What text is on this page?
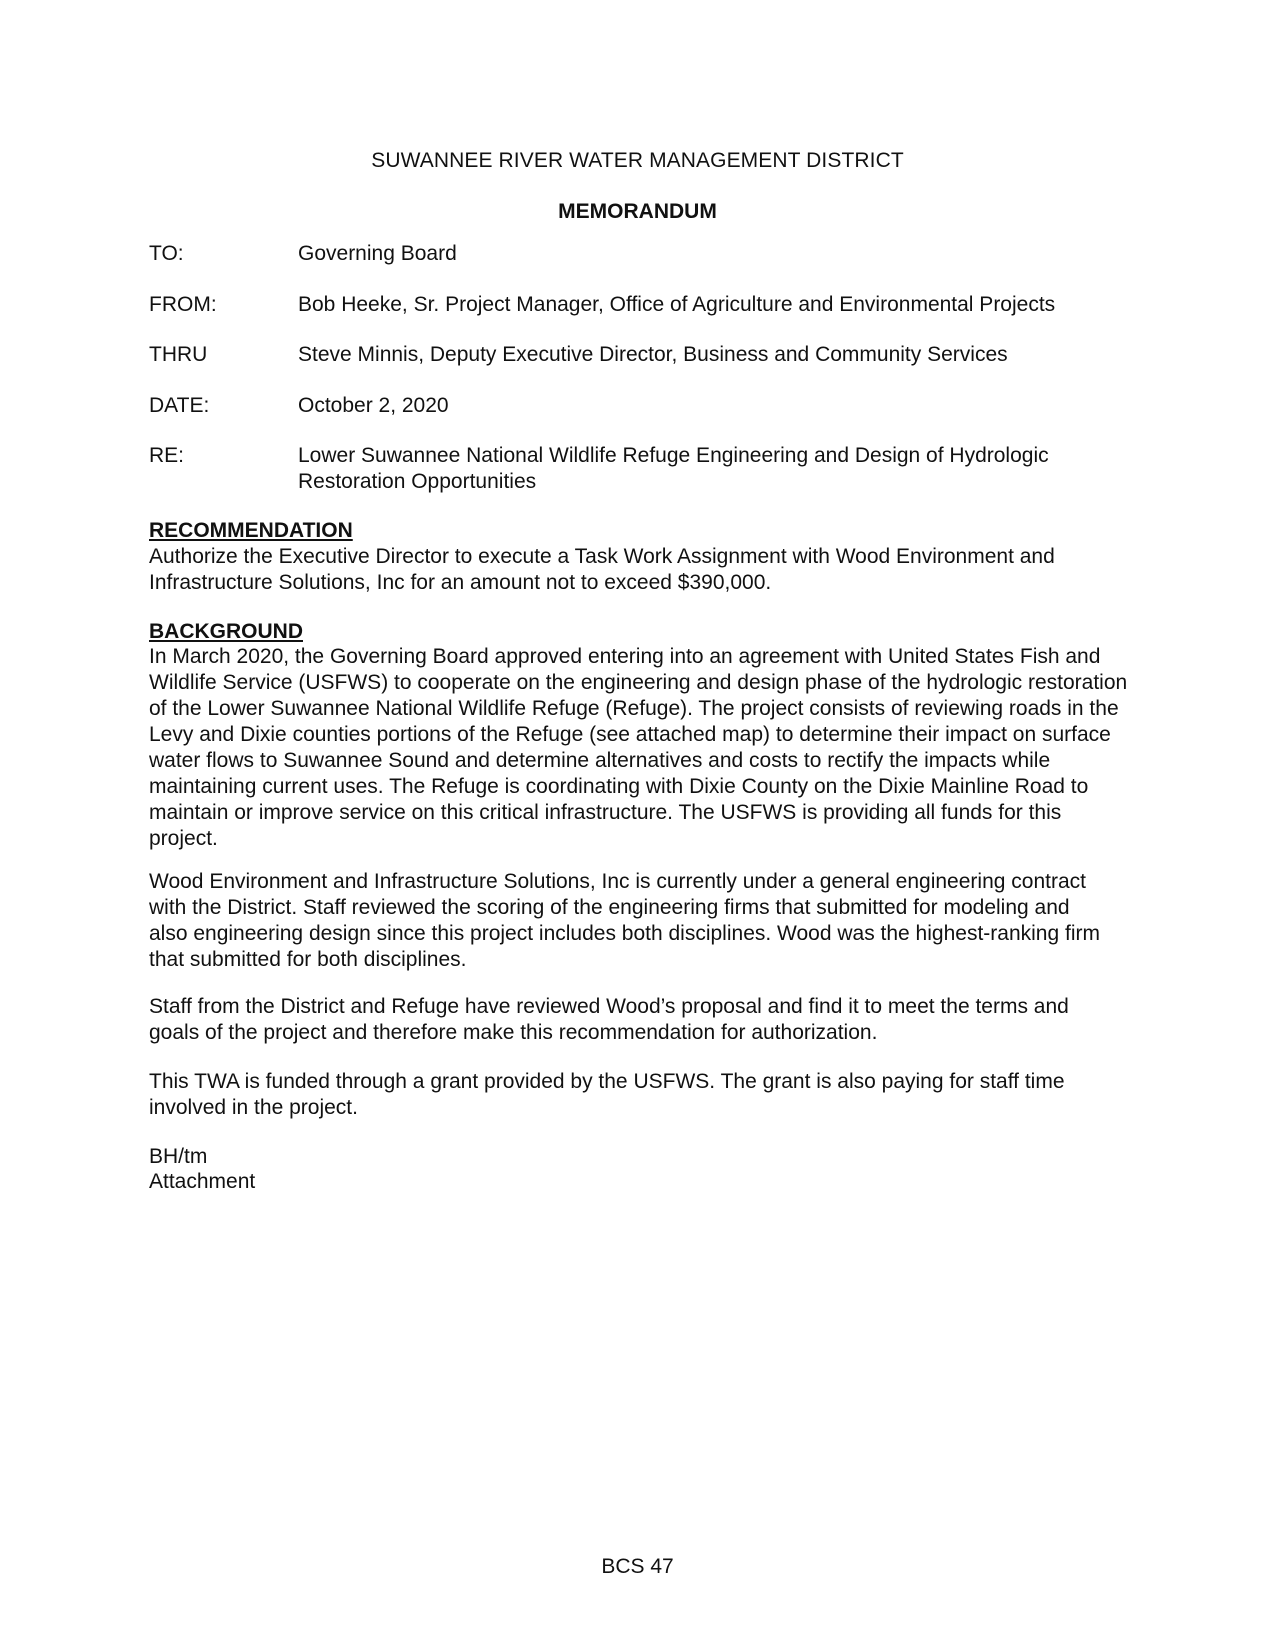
SUWANNEE RIVER WATER MANAGEMENT DISTRICT
MEMORANDUM
TO:	Governing Board
FROM:	Bob Heeke, Sr. Project Manager, Office of Agriculture and Environmental Projects
THRU	Steve Minnis, Deputy Executive Director, Business and Community Services
DATE:	October 2, 2020
RE:	Lower Suwannee National Wildlife Refuge Engineering and Design of Hydrologic Restoration Opportunities
RECOMMENDATION
Authorize the Executive Director to execute a Task Work Assignment with Wood Environment and Infrastructure Solutions, Inc for an amount not to exceed $390,000.
BACKGROUND

In March 2020, the Governing Board approved entering into an agreement with United States Fish and Wildlife Service (USFWS) to cooperate on the engineering and design phase of the hydrologic restoration of the Lower Suwannee National Wildlife Refuge (Refuge). The project consists of reviewing roads in the Levy and Dixie counties portions of the Refuge (see attached map) to determine their impact on surface water flows to Suwannee Sound and determine alternatives and costs to rectify the impacts while maintaining current uses. The Refuge is coordinating with Dixie County on the Dixie Mainline Road to maintain or improve service on this critical infrastructure. The USFWS is providing all funds for this project.

Wood Environment and Infrastructure Solutions, Inc is currently under a general engineering contract with the District. Staff reviewed the scoring of the engineering firms that submitted for modeling and also engineering design since this project includes both disciplines. Wood was the highest-ranking firm that submitted for both disciplines.

Staff from the District and Refuge have reviewed Wood’s proposal and find it to meet the terms and goals of the project and therefore make this recommendation for authorization.

This TWA is funded through a grant provided by the USFWS. The grant is also paying for staff time involved in the project.

BH/tm
Attachment
BCS 47
